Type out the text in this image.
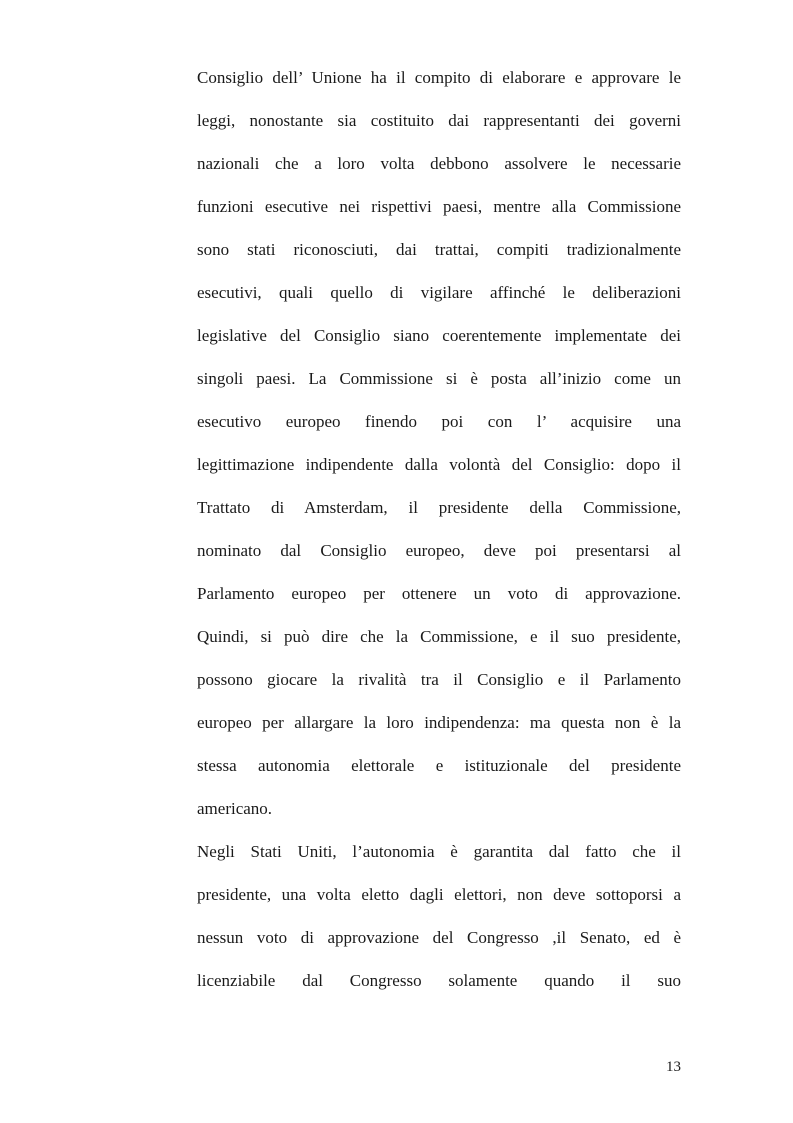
Consiglio dell’ Unione ha il compito di elaborare e approvare le
leggi, nonostante sia costituito dai rappresentanti dei governi
nazionali che a loro volta debbono assolvere le necessarie
funzioni esecutive nei rispettivi paesi, mentre alla Commissione
sono stati riconosciuti, dai trattai, compiti tradizionalmente
esecutivi, quali quello di vigilare affinché le deliberazioni
legislative del Consiglio siano coerentemente implementate dei
singoli paesi. La Commissione si è posta all’inizio come un
esecutivo europeo finendo poi con l’ acquisire una
legittimazione indipendente dalla volontà del Consiglio: dopo il
Trattato di Amsterdam, il presidente della Commissione,
nominato dal Consiglio europeo, deve poi presentarsi al
Parlamento europeo per ottenere un voto di approvazione.
Quindi, si può dire che la Commissione, e il suo presidente,
possono giocare la rivalità tra il Consiglio e il Parlamento
europeo per allargare la loro indipendenza: ma questa non è la
stessa autonomia elettorale e istituzionale del presidente
americano.
Negli Stati Uniti, l’autonomia è garantita dal fatto che il
presidente, una volta eletto dagli elettori, non deve sottoporsi a
nessun voto di approvazione del Congresso ,il Senato, ed è
licenziabile dal Congresso solamente quando il suo
13
